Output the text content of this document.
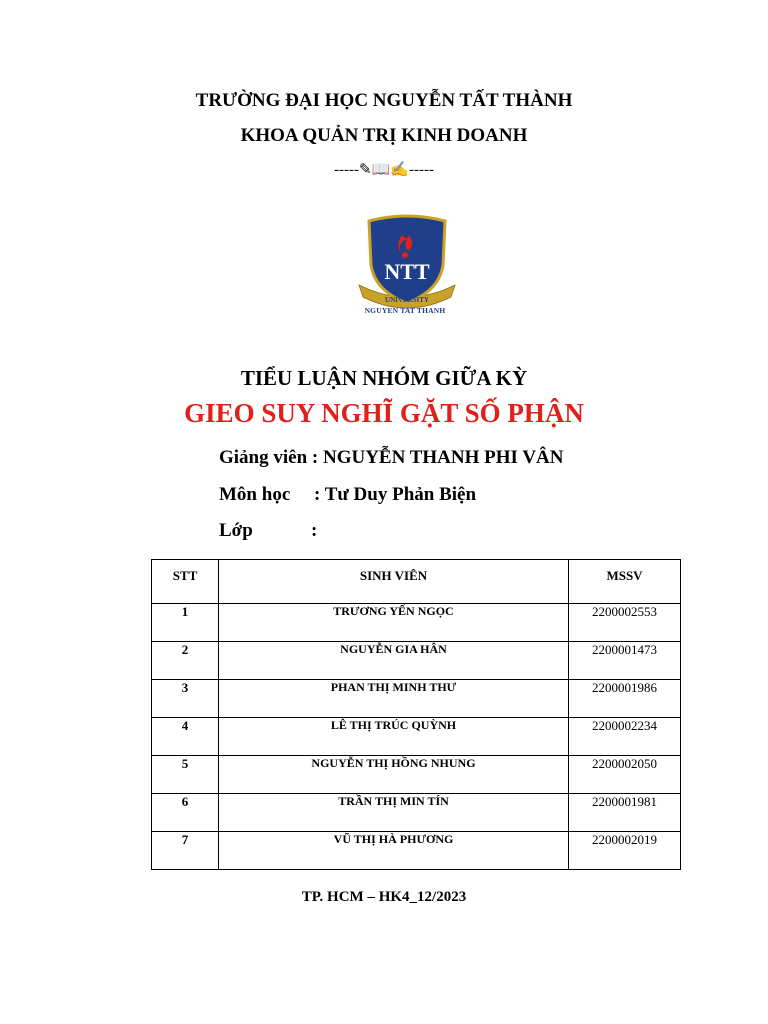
TRƯỜNG ĐẠI HỌC NGUYỄN TẤT THÀNH
KHOA QUẢN TRỊ KINH DOANH
-----✎📖✍-----
NTT
UNIVERSITY
NGUYEN TAT THANH
TIỂU LUẬN NHÓM GIỮA KỲ
GIEO SUY NGHĨ GẶT SỐ PHẬN
Giảng viên : NGUYỄN THANH PHI VÂN
Môn học : Tư Duy Phản Biện
Lớp	:
STT	SINH VIÊN	MSSV
1	TRƯƠNG YẾN NGỌC	2200002553
2	NGUYỄN GIA HÂN	2200001473
3	PHAN THỊ MINH THƯ	2200001986
4	LÊ THỊ TRÚC QUỲNH	2200002234
5	NGUYỄN THỊ HỒNG NHUNG	2200002050
6	TRẦN THỊ MIN TÍN	2200001981
7	VŨ THỊ HÀ PHƯƠNG	2200002019
TP. HCM – HK4_12/2023
